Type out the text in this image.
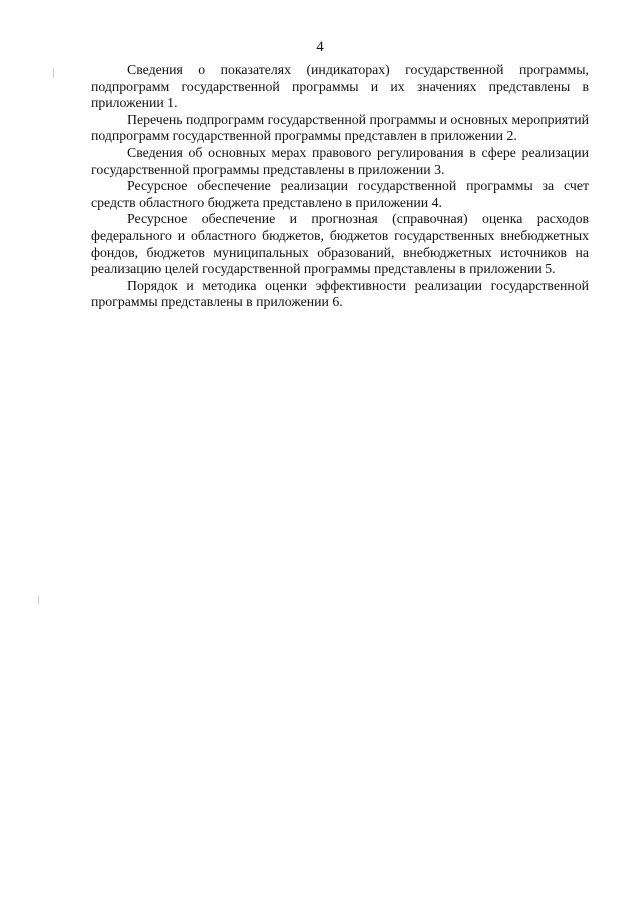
4

Сведения о показателях (индикаторах) государственной программы, подпрограмм государственной программы и их значениях представлены в приложении 1.

Перечень подпрограмм государственной программы и основных мероприятий подпрограмм государственной программы представлен в приложении 2.

Сведения об основных мерах правового регулирования в сфере реализации государственной программы представлены в приложении 3.

Ресурсное обеспечение реализации государственной программы за счет средств областного бюджета представлено в приложении 4.

Ресурсное обеспечение и прогнозная (справочная) оценка расходов федерального и областного бюджетов, бюджетов государственных внебюджетных фондов, бюджетов муниципальных образований, внебюджетных источников на реализацию целей государственной программы представлены в приложении 5.

Порядок и методика оценки эффективности реализации государственной программы представлены в приложении 6.
